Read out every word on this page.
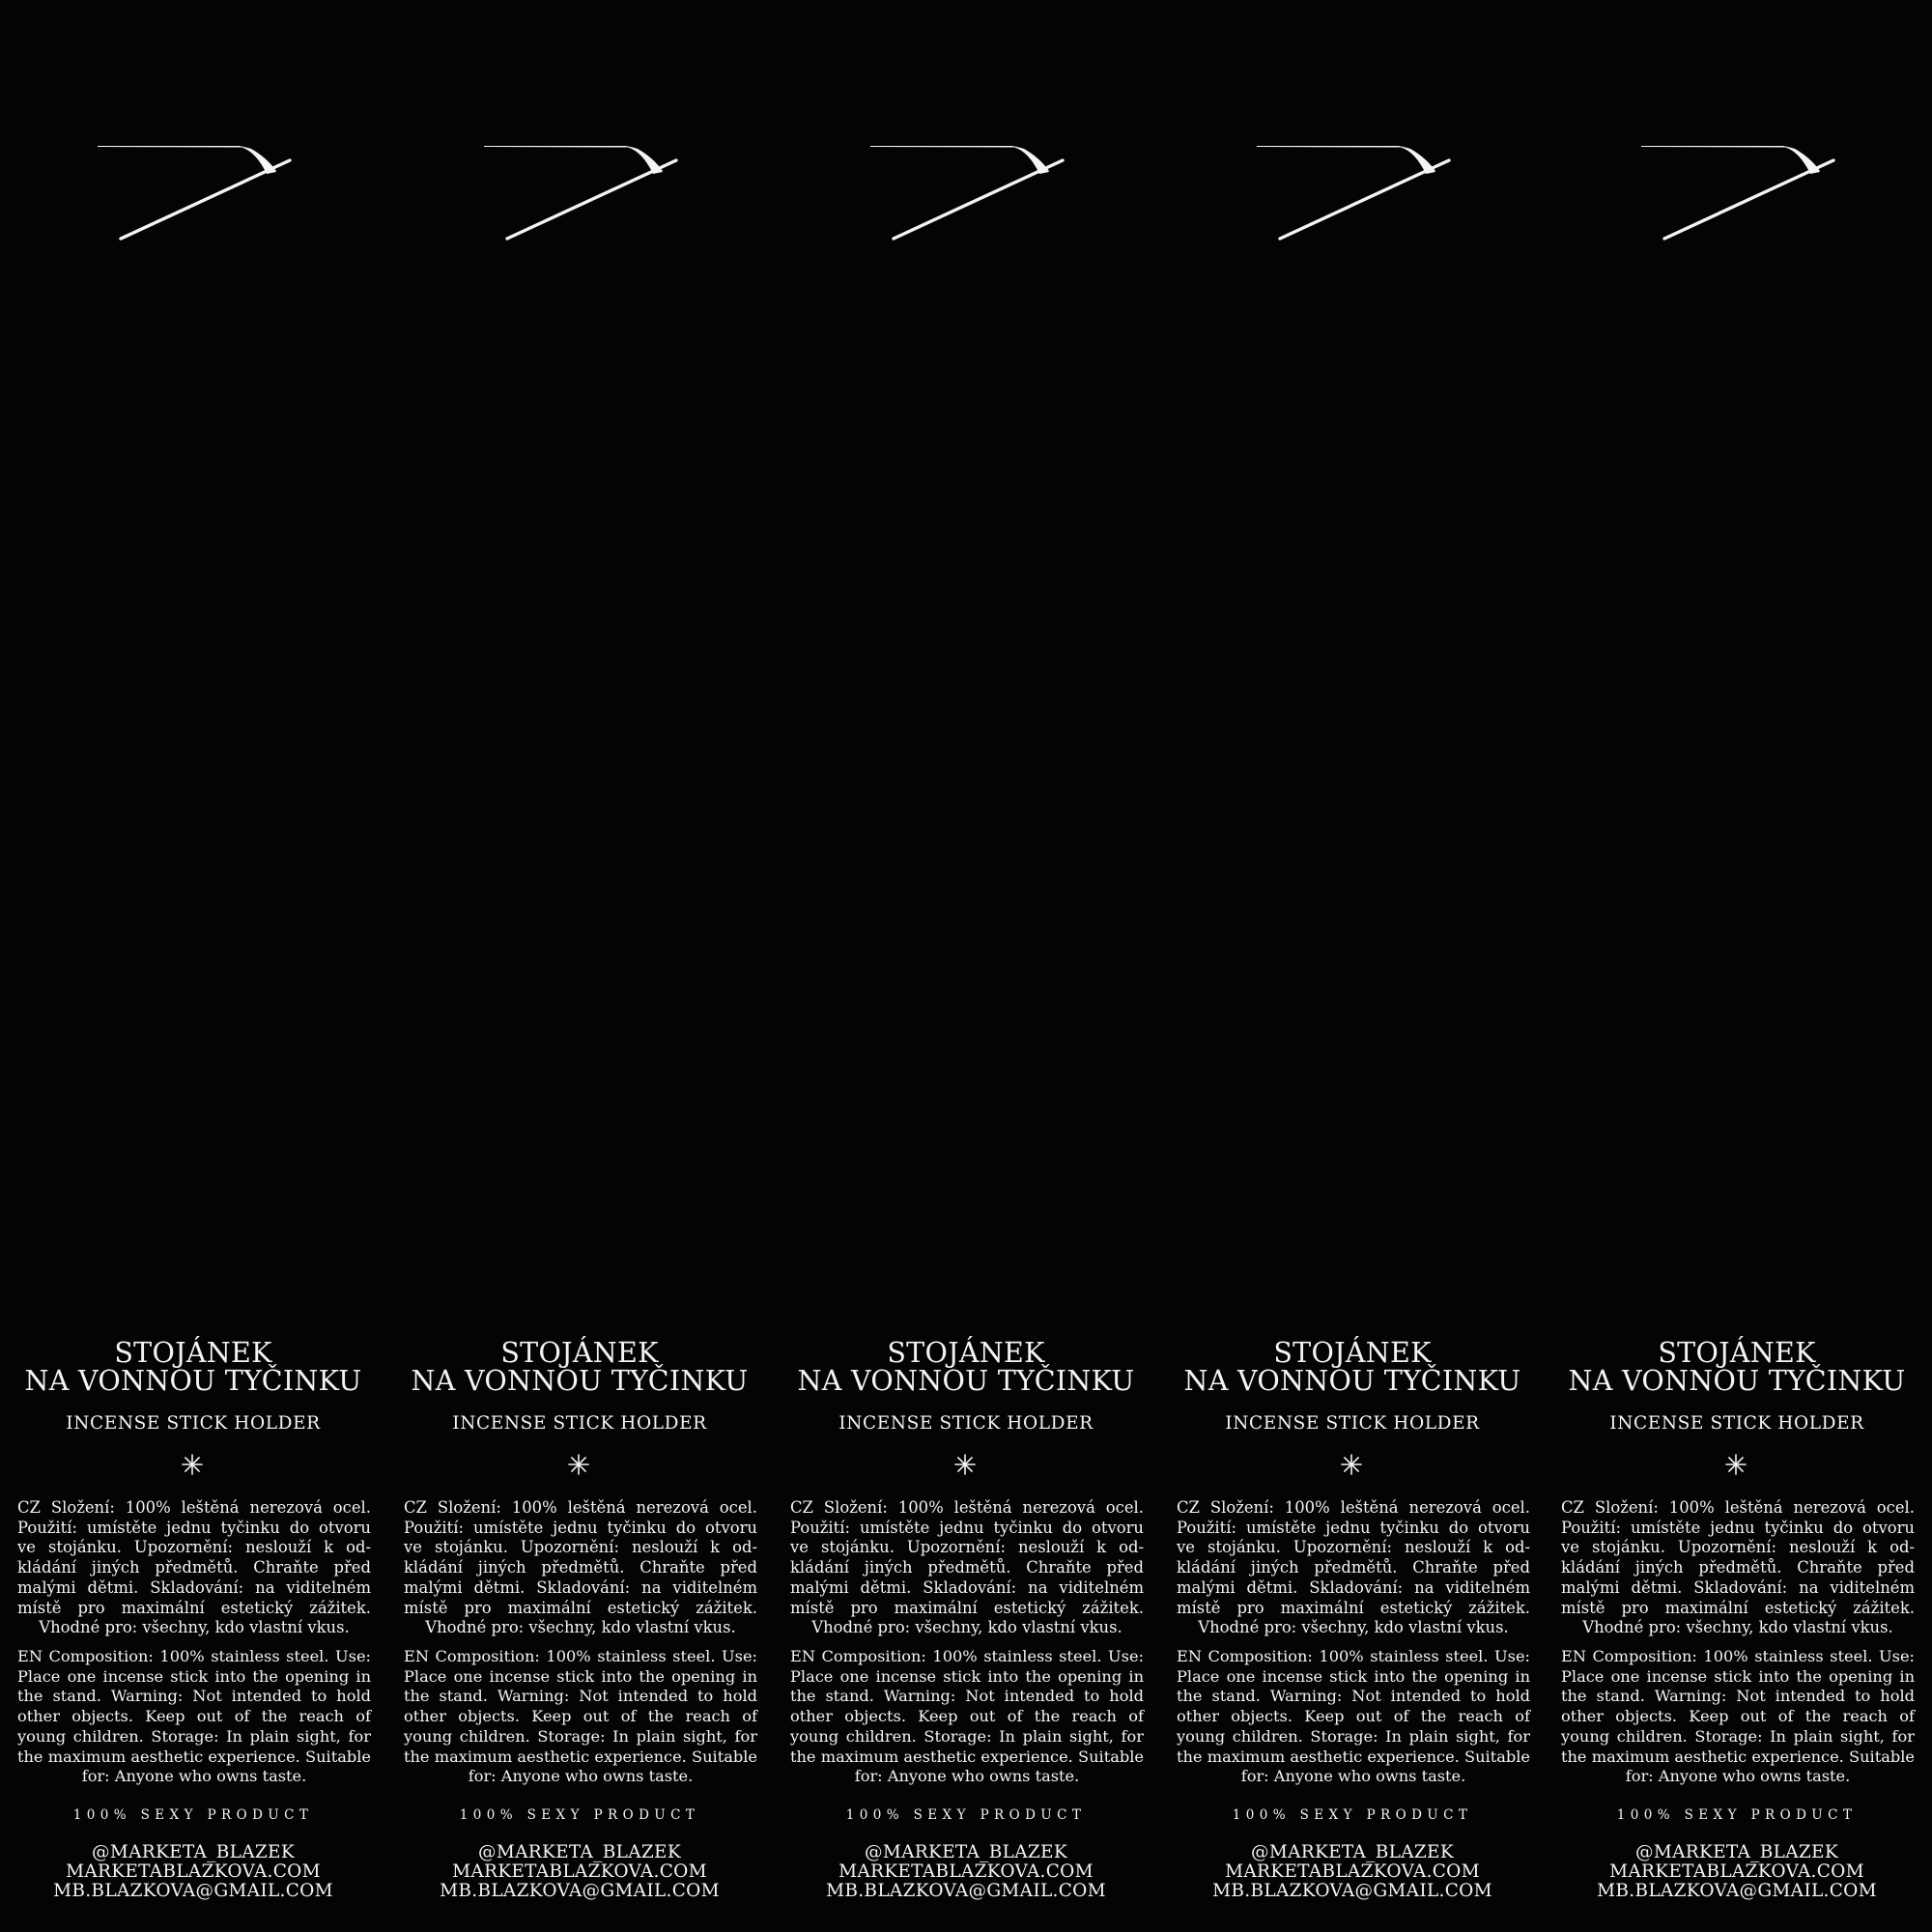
STOJÁNEK
NA VONNOU TYČINKU
INCENSE STICK HOLDER
CZ Složení: 100% leštěná nerezová ocel. Použití: umístěte jednu tyčinku do otvoru ve stojánku. Upozornění: neslouží k odkládání jiných předmětů. Chraňte před malými dětmi. Skladování: na viditelném místě pro maximální estetický zážitek. Vhodné pro: všechny, kdo vlastní vkus.
EN Composition: 100% stainless steel. Use: Place one incense stick into the opening in the stand. Warning: Not intended to hold other objects. Keep out of the reach of young children. Storage: In plain sight, for the maximum aesthetic experience. Suitable for: Anyone who owns taste.
100% SEXY PRODUCT
@MARKETA_BLAZEK
MARKETABLAZKOVA.COM
MB.BLAZKOVA@GMAIL.COM
STOJÁNEK
NA VONNOU TYČINKU
INCENSE STICK HOLDER
CZ Složení: 100% leštěná nerezová ocel. Použití: umístěte jednu tyčinku do otvoru ve stojánku. Upozornění: neslouží k odkládání jiných předmětů. Chraňte před malými dětmi. Skladování: na viditelném místě pro maximální estetický zážitek. Vhodné pro: všechny, kdo vlastní vkus.
EN Composition: 100% stainless steel. Use: Place one incense stick into the opening in the stand. Warning: Not intended to hold other objects. Keep out of the reach of young children. Storage: In plain sight, for the maximum aesthetic experience. Suitable for: Anyone who owns taste.
100% SEXY PRODUCT
@MARKETA_BLAZEK
MARKETABLAZKOVA.COM
MB.BLAZKOVA@GMAIL.COM
STOJÁNEK
NA VONNOU TYČINKU
INCENSE STICK HOLDER
CZ Složení: 100% leštěná nerezová ocel. Použití: umístěte jednu tyčinku do otvoru ve stojánku. Upozornění: neslouží k odkládání jiných předmětů. Chraňte před malými dětmi. Skladování: na viditelném místě pro maximální estetický zážitek. Vhodné pro: všechny, kdo vlastní vkus.
EN Composition: 100% stainless steel. Use: Place one incense stick into the opening in the stand. Warning: Not intended to hold other objects. Keep out of the reach of young children. Storage: In plain sight, for the maximum aesthetic experience. Suitable for: Anyone who owns taste.
100% SEXY PRODUCT
@MARKETA_BLAZEK
MARKETABLAZKOVA.COM
MB.BLAZKOVA@GMAIL.COM
STOJÁNEK
NA VONNOU TYČINKU
INCENSE STICK HOLDER
CZ Složení: 100% leštěná nerezová ocel. Použití: umístěte jednu tyčinku do otvoru ve stojánku. Upozornění: neslouží k odkládání jiných předmětů. Chraňte před malými dětmi. Skladování: na viditelném místě pro maximální estetický zážitek. Vhodné pro: všechny, kdo vlastní vkus.
EN Composition: 100% stainless steel. Use: Place one incense stick into the opening in the stand. Warning: Not intended to hold other objects. Keep out of the reach of young children. Storage: In plain sight, for the maximum aesthetic experience. Suitable for: Anyone who owns taste.
100% SEXY PRODUCT
@MARKETA_BLAZEK
MARKETABLAZKOVA.COM
MB.BLAZKOVA@GMAIL.COM
STOJÁNEK
NA VONNOU TYČINKU
INCENSE STICK HOLDER
CZ Složení: 100% leštěná nerezová ocel. Použití: umístěte jednu tyčinku do otvoru ve stojánku. Upozornění: neslouží k odkládání jiných předmětů. Chraňte před malými dětmi. Skladování: na viditelném místě pro maximální estetický zážitek. Vhodné pro: všechny, kdo vlastní vkus.
EN Composition: 100% stainless steel. Use: Place one incense stick into the opening in the stand. Warning: Not intended to hold other objects. Keep out of the reach of young children. Storage: In plain sight, for the maximum aesthetic experience. Suitable for: Anyone who owns taste.
100% SEXY PRODUCT
@MARKETA_BLAZEK
MARKETABLAZKOVA.COM
MB.BLAZKOVA@GMAIL.COM
